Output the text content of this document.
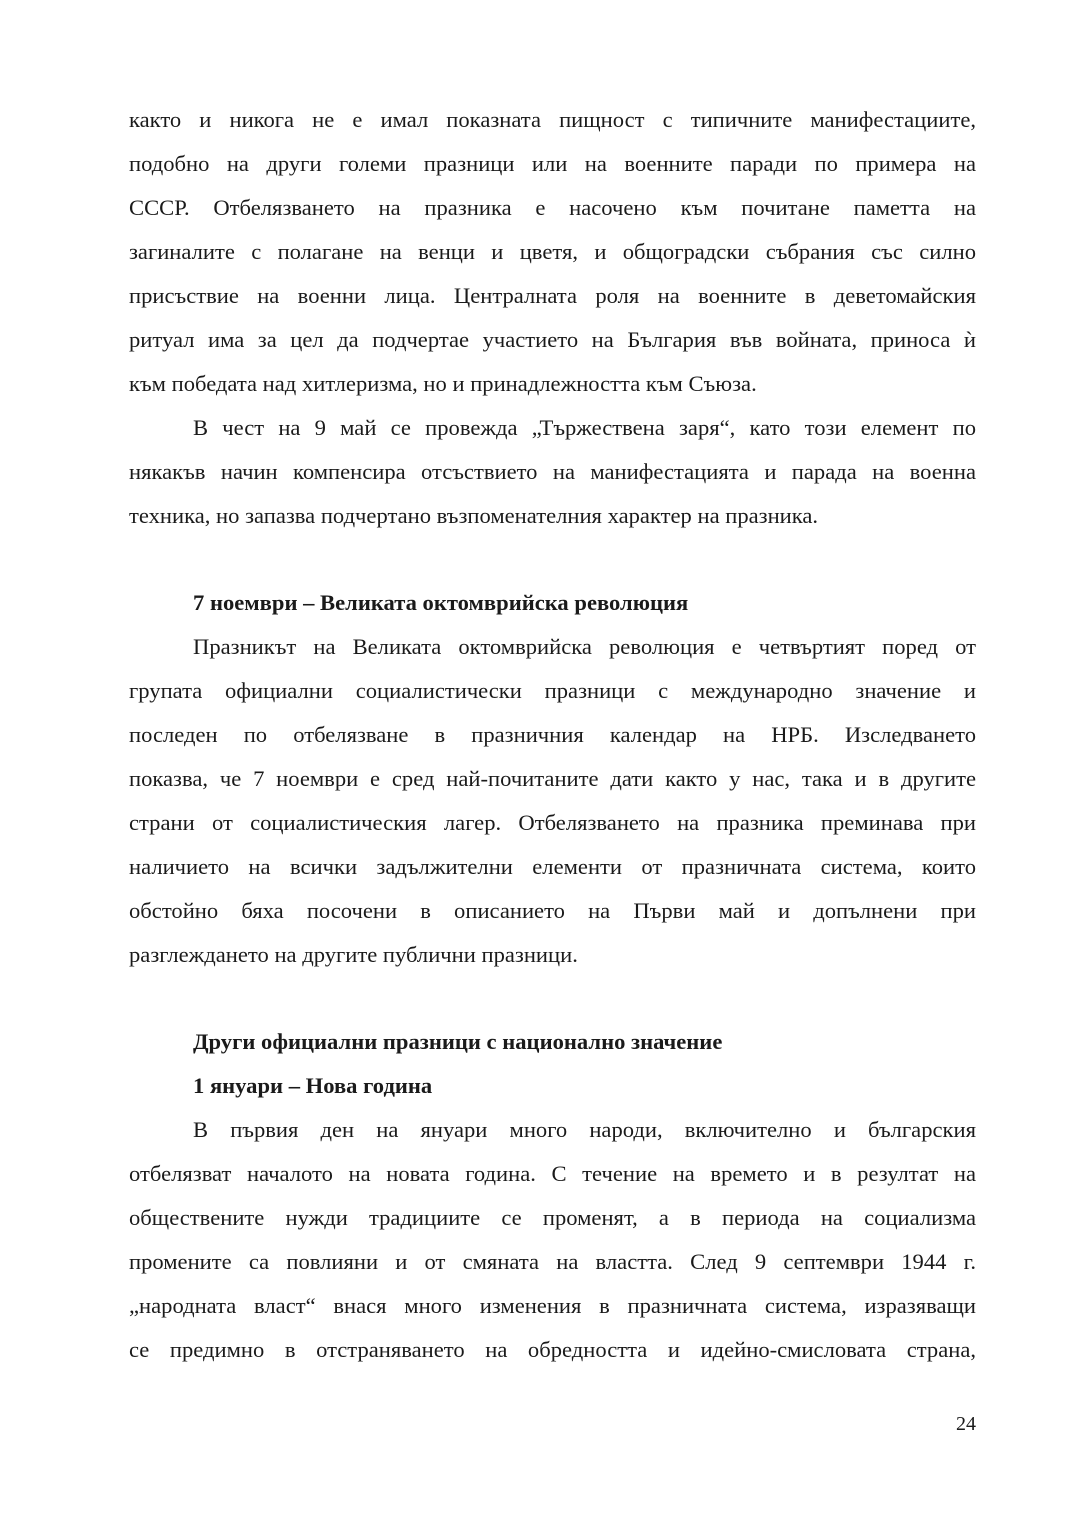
както и никога не е имал показната пищност с типичните манифестациите,
подобно на други големи празници или на военните паради по примера на
СССР. Отбелязването на празника е насочено към почитане паметта на
загиналите с полагане на венци и цветя, и общоградски събрания със силно
присъствие на военни лица. Централната роля на военните в деветомайския
ритуал има за цел да подчертае участието на България във войната, приноса ѝ
към победата над хитлеризма, но и принадлежността към Съюза.
В чест на 9 май се провежда „Тържествена заря“, като този елемент по
някакъв начин компенсира отсъствието на манифестацията и парада на военна
техника, но запазва подчертано възпоменателния характер на празника.
7 ноември – Великата октомврийска революция
Празникът на Великата октомврийска революция е четвъртият поред от
групата официални социалистически празници с международно значение и
последен по отбелязване в празничния календар на НРБ. Изследването
показва, че 7 ноември е сред най-почитаните дати както у нас, така и в другите
страни от социалистическия лагер. Отбелязването на празника преминава при
наличието на всички задължителни елементи от празничната система, които
обстойно бяха посочени в описанието на Първи май и допълнени при
разглеждането на другите публични празници.
Други официални празници с национално значение
1 януари – Нова година
В първия ден на януари много народи, включително и българския
отбелязват началото на новата година. С течение на времето и в резултат на
обществените нужди традициите се променят, а в периода на социализма
промените са повлияни и от смяната на властта. След 9 септември 1944 г.
„народната власт“ внася много изменения в празничната система, изразяващи
се предимно в отстраняването на обредността и идейно-смисловата страна,
24
